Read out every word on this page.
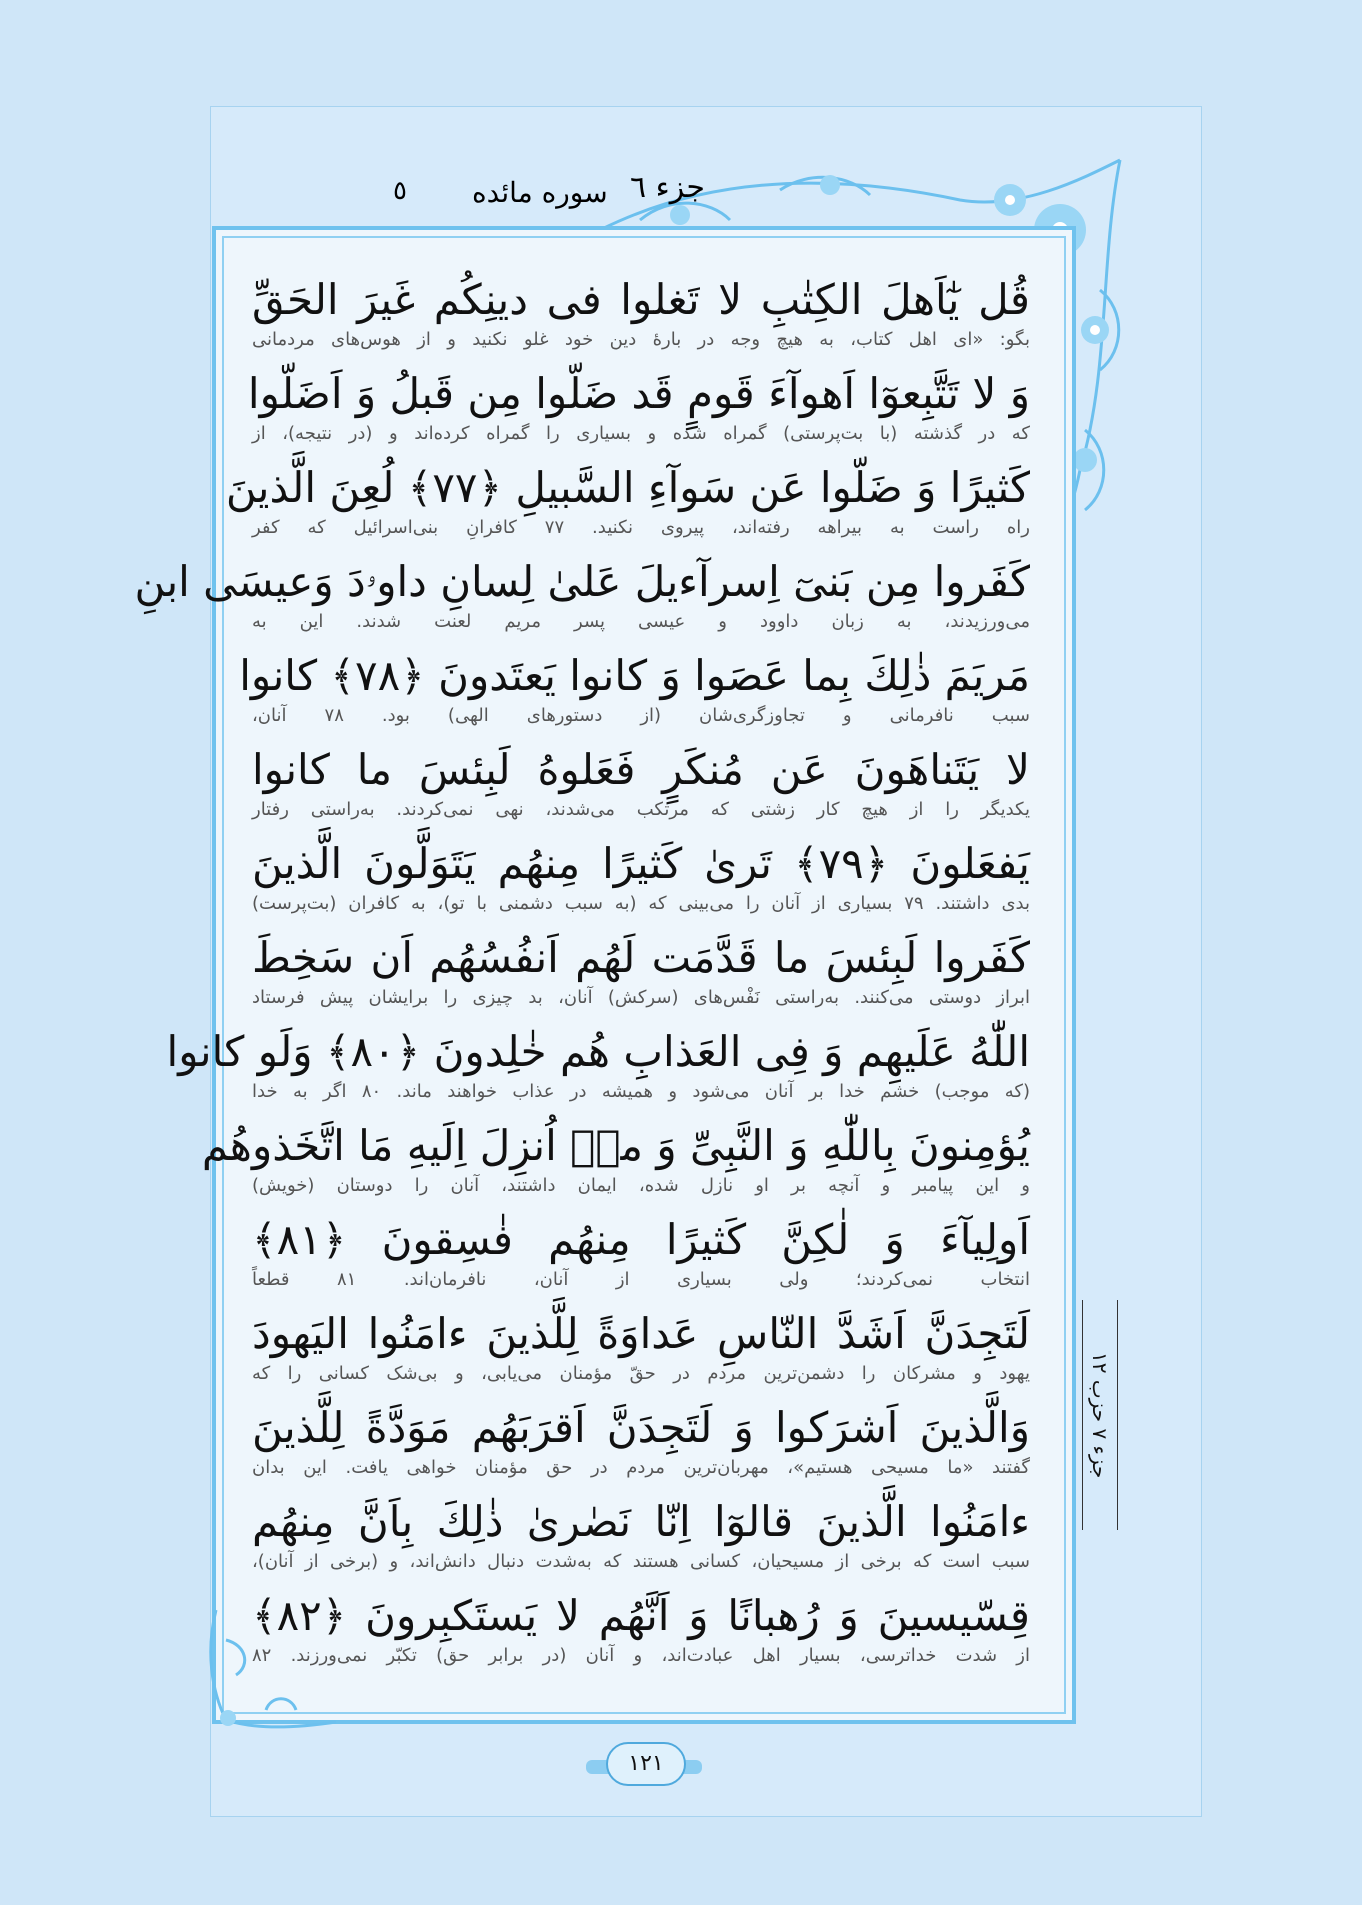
جزء ٦
سوره مائده
٥
قُل يٰٓاَهلَ الكِتٰبِ لا تَغلوا فى دينِكُم غَيرَ الحَقِّ
بگو: «ای اهل کتاب، به هیچ وجه در بارهٔ دین خود غلو نکنید و از هوس‌های مردمانی
وَ لا تَتَّبِعوٓا اَهوآءَ قَومٍ قَد ضَلّوا مِن قَبلُ وَ اَضَلّوا
که در گذشته (با بت‌پرستی) گمراه شده و بسیاری را گمراه کرده‌اند و (در نتیجه)، از
كَثيرًا وَ ضَلّوا عَن سَوآءِ السَّبيلِ ﴿٧٧﴾ لُعِنَ الَّذينَ
راه راست به بیراهه رفته‌اند، پیروی نکنید. ٧٧ کافرانِ بنی‌اسرائیل که کفر
كَفَروا مِن بَنىٓ اِسرآءيلَ عَلىٰ لِسانِ داوۥدَ وَعيسَى ابنِ
می‌ورزیدند، به زبان داوود و عیسی پسر مریم لعنت شدند. این به
مَريَمَ ذٰلِكَ بِما عَصَوا وَ كانوا يَعتَدونَ ﴿٧٨﴾ كانوا
سبب نافرمانی و تجاوزگری‌شان (از دستورهای الهی) بود. ٧٨ آنان،
لا يَتَناهَونَ عَن مُنكَرٍ فَعَلوهُ لَبِئسَ ما كانوا
یکدیگر را از هیچ کار زشتی که مرتکب می‌شدند، نهی نمی‌کردند. به‌راستی رفتار
يَفعَلونَ ﴿٧٩﴾ تَرىٰ كَثيرًا مِنهُم يَتَوَلَّونَ الَّذينَ
بدی داشتند. ٧٩ بسیاری از آنان را می‌بینی که (به سبب دشمنی با تو)، به کافران (بت‌پرست)
كَفَروا لَبِئسَ ما قَدَّمَت لَهُم اَنفُسُهُم اَن سَخِطَ
ابراز دوستی می‌کنند. به‌راستی نَفْس‌های (سرکش) آنان، بد چیزی را برایشان پیش فرستاد
اللّٰهُ عَلَيهِم وَ فِى العَذابِ هُم خٰلِدونَ ﴿٨٠﴾ وَلَو كانوا
(که موجب) خشم خدا بر آنان می‌شود و همیشه در عذاب خواهند ماند. ٨٠ اگر به خدا
يُؤمِنونَ بِاللّٰهِ وَ النَّبِىِّ وَ ماۤ اُنزِلَ اِلَيهِ مَا اتَّخَذوهُم
و این پیامبر و آنچه بر او نازل شده، ایمان داشتند، آنان را دوستان (خویش)
اَولِيآءَ وَ لٰكِنَّ كَثيرًا مِنهُم فٰسِقونَ ﴿٨١﴾
انتخاب نمی‌کردند؛ ولی بسیاری از آنان، نافرمان‌اند. ٨١ قطعاً
لَتَجِدَنَّ اَشَدَّ النّاسِ عَداوَةً لِلَّذينَ ءامَنُوا اليَهودَ
یهود و مشرکان را دشمن‌ترین مردم در حقّ مؤمنان می‌یابی، و بی‌شک کسانی را که
وَالَّذينَ اَشرَكوا وَ لَتَجِدَنَّ اَقرَبَهُم مَوَدَّةً لِلَّذينَ
گفتند «ما مسیحی هستیم»، مهربان‌ترین مردم در حق مؤمنان خواهی یافت. این بدان
ءامَنُوا الَّذينَ قالوٓا اِنّا نَصٰرىٰ ذٰلِكَ بِاَنَّ مِنهُم
سبب است که برخی از مسیحیان، کسانی هستند که به‌شدت دنبال دانش‌اند، و (برخی از آنان)،
قِسّيسينَ وَ رُهبانًا وَ اَنَّهُم لا يَستَكبِرونَ ﴿٨٢﴾
از شدت خداترسی، بسیار اهل عبادت‌اند، و آنان (در برابر حق) تکبّر نمی‌ورزند. ٨٢
جزء ٧ حزب ١٢
١٢١
